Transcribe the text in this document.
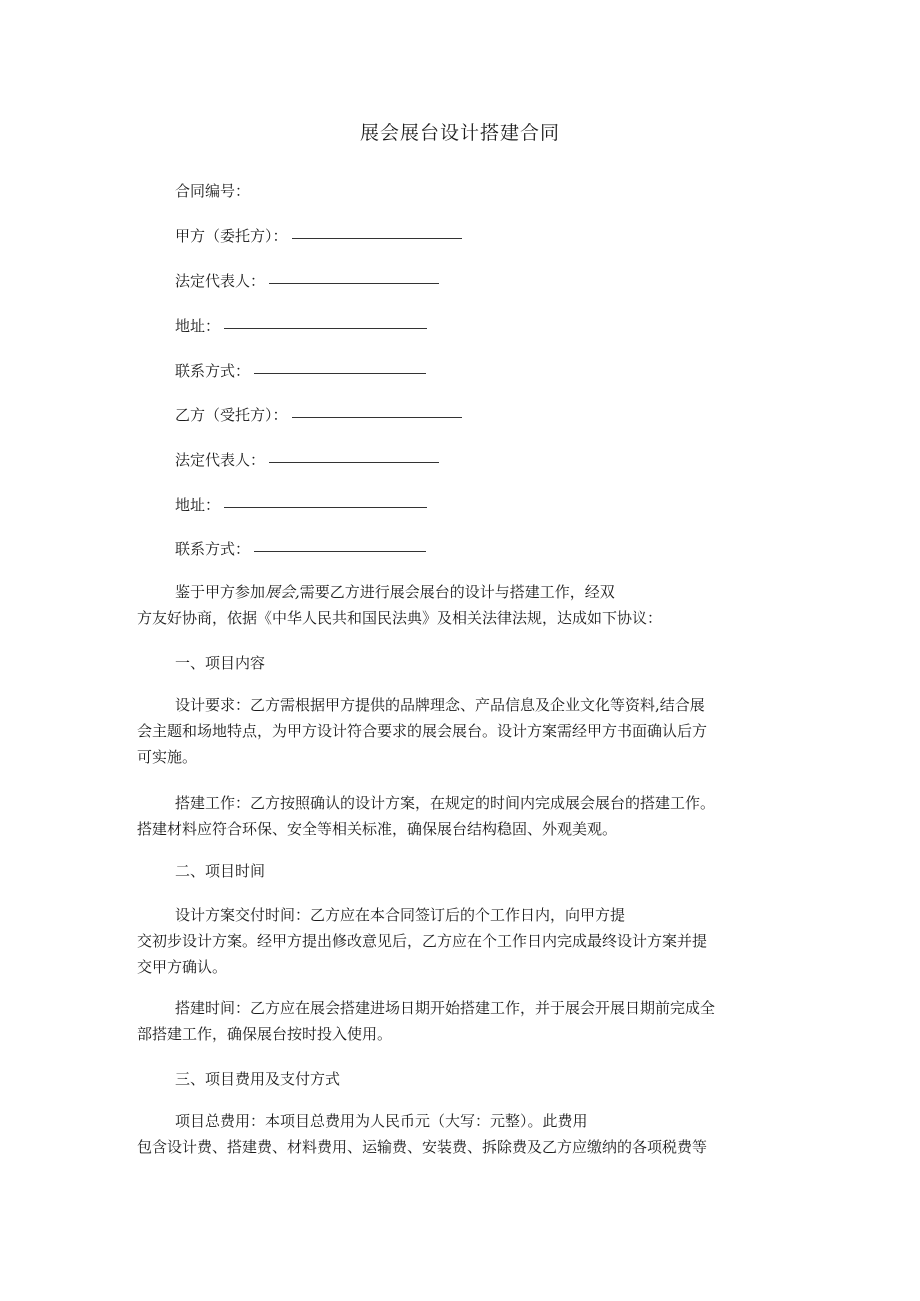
展会展台设计搭建合同
合同编号：
甲方（委托方）：
法定代表人：
地址：
联系方式：
乙方（受托方）：
法定代表人：
地址：
联系方式：
鉴于甲方参加展会,需要乙方进行展会展台的设计与搭建工作，经双
方友好协商，依据《中华人民共和国民法典》及相关法律法规，达成如下协议：
一、项目内容
设计要求：乙方需根据甲方提供的品牌理念、产品信息及企业文化等资料,结合展
会主题和场地特点，为甲方设计符合要求的展会展台。设计方案需经甲方书面确认后方
可实施。
搭建工作：乙方按照确认的设计方案，在规定的时间内完成展会展台的搭建工作。
搭建材料应符合环保、安全等相关标准，确保展台结构稳固、外观美观。
二、项目时间
设计方案交付时间：乙方应在本合同签订后的个工作日内，向甲方提
交初步设计方案。经甲方提出修改意见后，乙方应在个工作日内完成最终设计方案并提
交甲方确认。
搭建时间：乙方应在展会搭建进场日期开始搭建工作，并于展会开展日期前完成全
部搭建工作，确保展台按时投入使用。
三、项目费用及支付方式
项目总费用：本项目总费用为人民币元（大写：元整）。此费用
包含设计费、搭建费、材料费用、运输费、安装费、拆除费及乙方应缴纳的各项税费等
